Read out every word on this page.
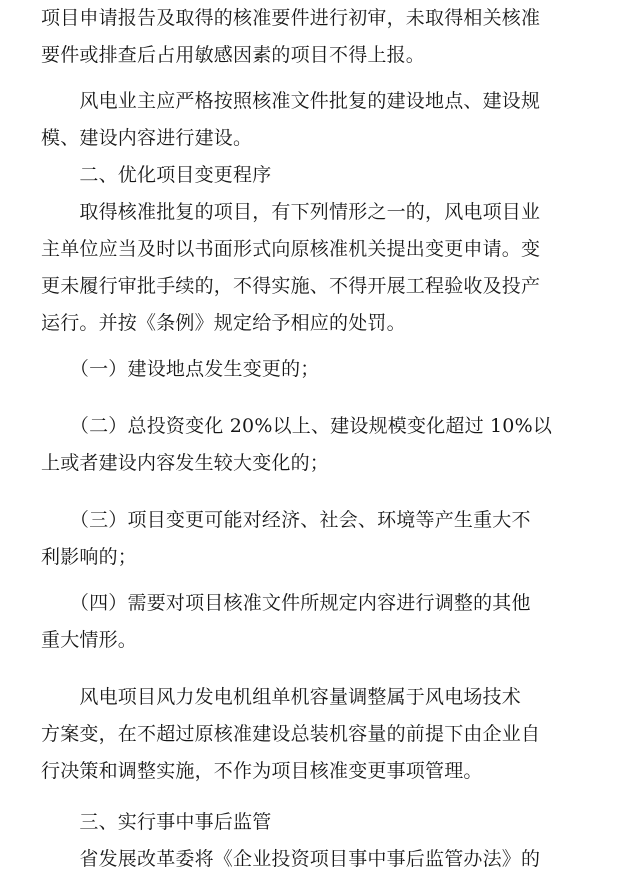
项目申请报告及取得的核准要件进行初审，未取得相关核准
要件或排查后占用敏感因素的项目不得上报。

　　风电业主应严格按照核准文件批复的建设地点、建设规
模、建设内容进行建设。

　　二、优化项目变更程序

　　取得核准批复的项目，有下列情形之一的，风电项目业
主单位应当及时以书面形式向原核准机关提出变更申请。变
更未履行审批手续的，不得实施、不得开展工程验收及投产
运行。并按《条例》规定给予相应的处罚。

　　（一）建设地点发生变更的；

　　（二）总投资变化 20%以上、建设规模变化超过 10%以
上或者建设内容发生较大变化的；

　　（三）项目变更可能对经济、社会、环境等产生重大不
利影响的；

　　（四）需要对项目核准文件所规定内容进行调整的其他
重大情形。

　　风电项目风力发电机组单机容量调整属于风电场技术
方案变，在不超过原核准建设总装机容量的前提下由企业自
行决策和调整实施，不作为项目核准变更事项管理。

　　三、实行事中事后监管

　　省发展改革委将《企业投资项目事中事后监管办法》的
